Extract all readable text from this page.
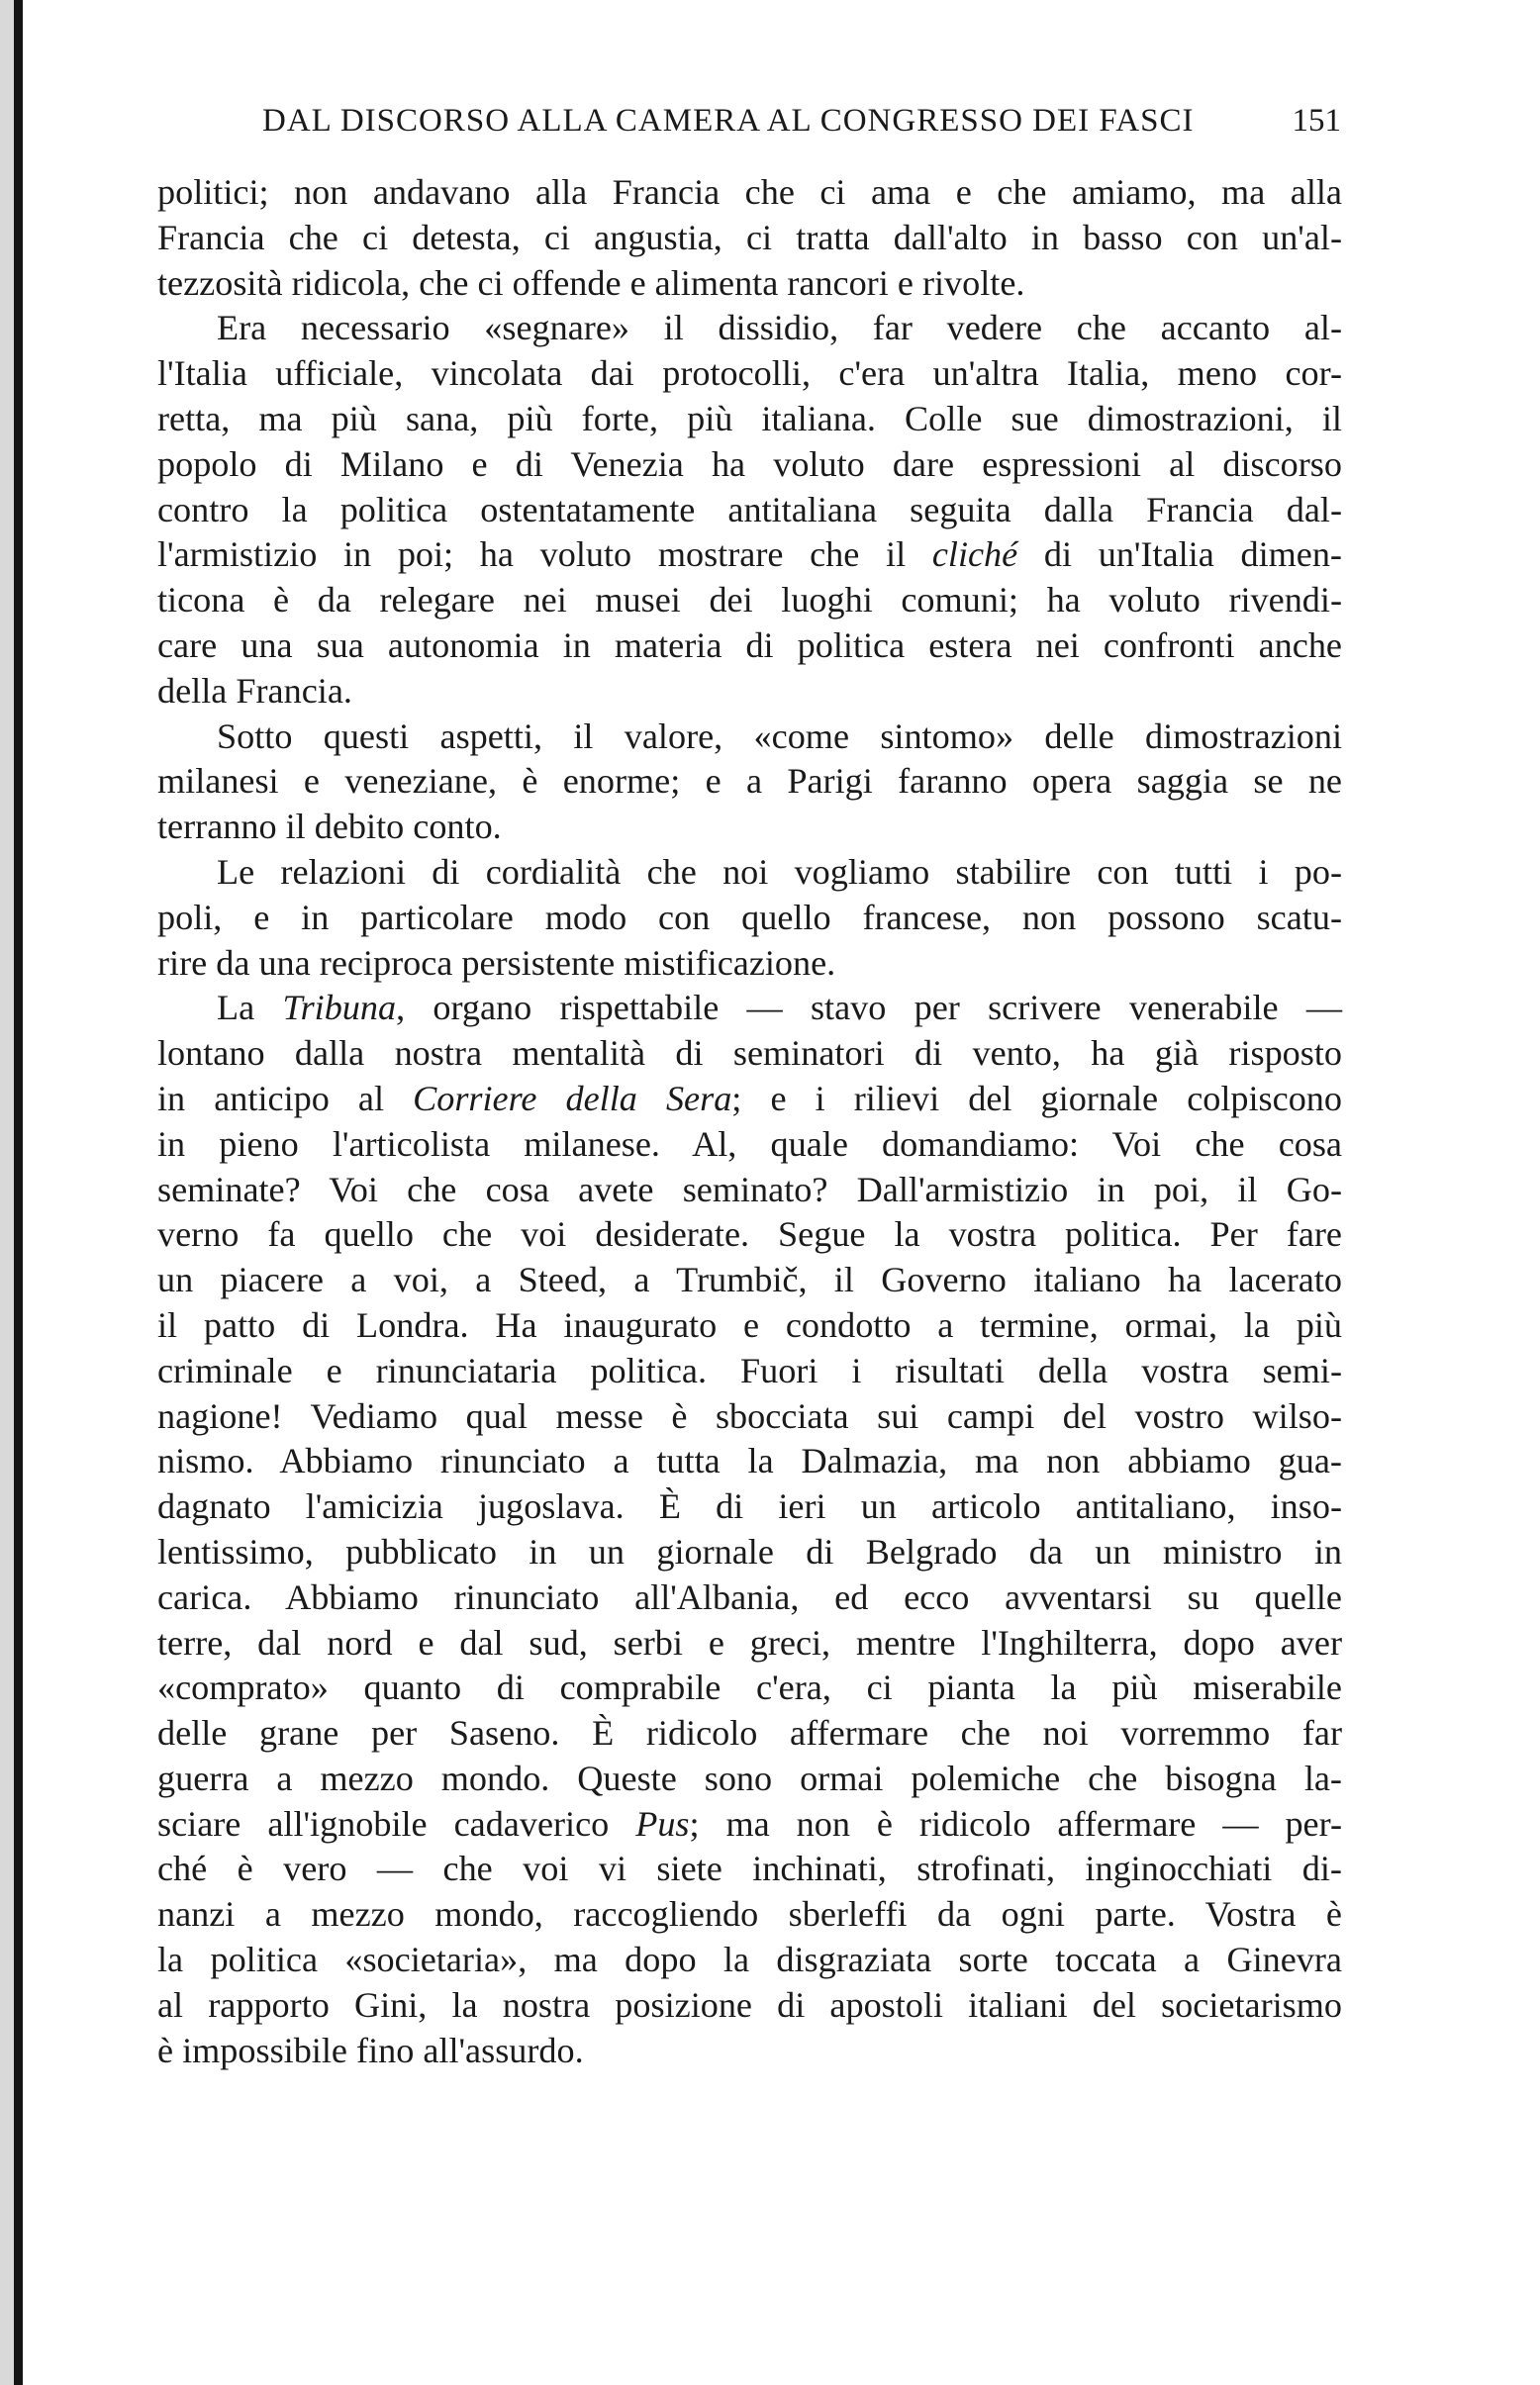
DAL DISCORSO ALLA CAMERA AL CONGRESSO DEI FASCI	151
politici; non andavano alla Francia che ci ama e che amiamo, ma alla
Francia che ci detesta, ci angustia, ci tratta dall'alto in basso con un'al-
tezzosità ridicola, che ci offende e alimenta rancori e rivolte.
Era necessario «segnare» il dissidio, far vedere che accanto al-
l'Italia ufficiale, vincolata dai protocolli, c'era un'altra Italia, meno cor-
retta, ma più sana, più forte, più italiana. Colle sue dimostrazioni, il
popolo di Milano e di Venezia ha voluto dare espressioni al discorso
contro la politica ostentatamente antitaliana seguita dalla Francia dal-
l'armistizio in poi; ha voluto mostrare che il cliché di un'Italia dimen-
ticona è da relegare nei musei dei luoghi comuni; ha voluto rivendi-
care una sua autonomia in materia di politica estera nei confronti anche
della Francia.
Sotto questi aspetti, il valore, «come sintomo» delle dimostrazioni
milanesi e veneziane, è enorme; e a Parigi faranno opera saggia se ne
terranno il debito conto.
Le relazioni di cordialità che noi vogliamo stabilire con tutti i po-
poli, e in particolare modo con quello francese, non possono scatu-
rire da una reciproca persistente mistificazione.
La Tribuna, organo rispettabile — stavo per scrivere venerabile —
lontano dalla nostra mentalità di seminatori di vento, ha già risposto
in anticipo al Corriere della Sera; e i rilievi del giornale colpiscono
in pieno l'articolista milanese. Al, quale domandiamo: Voi che cosa
seminate? Voi che cosa avete seminato? Dall'armistizio in poi, il Go-
verno fa quello che voi desiderate. Segue la vostra politica. Per fare
un piacere a voi, a Steed, a Trumbič, il Governo italiano ha lacerato
il patto di Londra. Ha inaugurato e condotto a termine, ormai, la più
criminale e rinunciataria politica. Fuori i risultati della vostra semi-
nagione! Vediamo qual messe è sbocciata sui campi del vostro wilso-
nismo. Abbiamo rinunciato a tutta la Dalmazia, ma non abbiamo gua-
dagnato l'amicizia jugoslava. È di ieri un articolo antitaliano, inso-
lentissimo, pubblicato in un giornale di Belgrado da un ministro in
carica. Abbiamo rinunciato all'Albania, ed ecco avventarsi su quelle
terre, dal nord e dal sud, serbi e greci, mentre l'Inghilterra, dopo aver
«comprato» quanto di comprabile c'era, ci pianta la più miserabile
delle grane per Saseno. È ridicolo affermare che noi vorremmo far
guerra a mezzo mondo. Queste sono ormai polemiche che bisogna la-
sciare all'ignobile cadaverico Pus; ma non è ridicolo affermare — per-
ché è vero — che voi vi siete inchinati, strofinati, inginocchiati di-
nanzi a mezzo mondo, raccogliendo sberleffi da ogni parte. Vostra è
la politica «societaria», ma dopo la disgraziata sorte toccata a Ginevra
al rapporto Gini, la nostra posizione di apostoli italiani del societarismo
è impossibile fino all'assurdo.
